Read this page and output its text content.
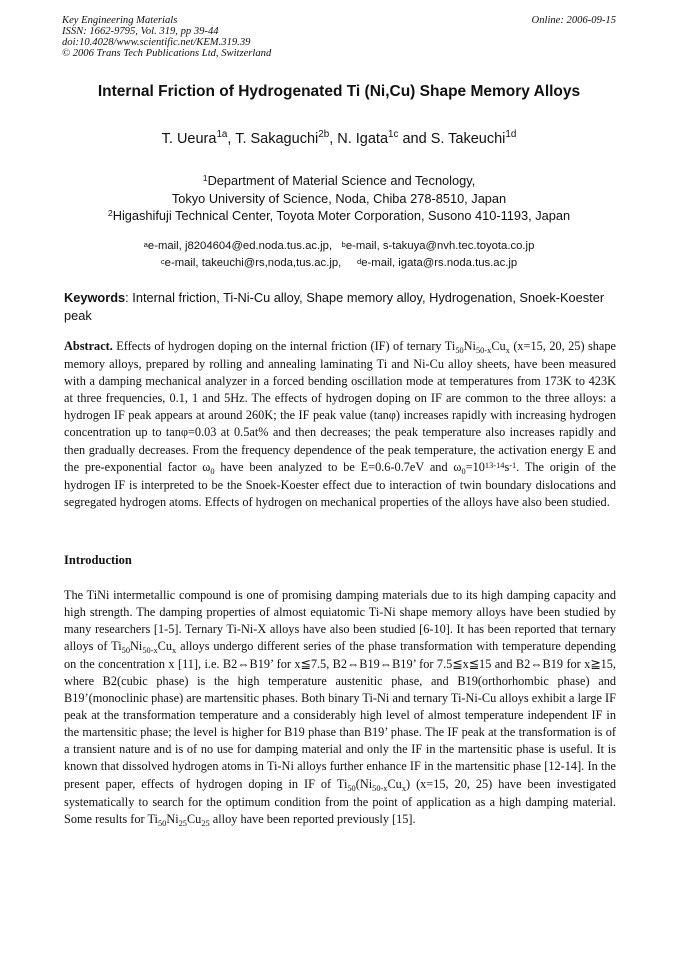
Key Engineering Materials
ISSN: 1662-9795, Vol. 319, pp 39-44
doi:10.4028/www.scientific.net/KEM.319.39
© 2006 Trans Tech Publications Ltd, Switzerland
Online: 2006-09-15
Internal Friction of Hydrogenated Ti (Ni,Cu) Shape Memory Alloys
T. Ueura$^{1a}$, T. Sakaguchi$^{2b}$, N. Igata$^{1c}$ and S. Takeuchi$^{1d}$
$^1$Department of Material Science and Tecnology,
Tokyo University of Science, Noda, Chiba 278-8510, Japan
$^2$Higashifuji Technical Center, Toyota Moter Corporation, Susono 410-1193, Japan
$^a$e-mail, j8204604@ed.noda.tus.ac.jp, $^b$e-mail, s-takuya@nvh.tec.toyota.co.jp
$^c$e-mail, takeuchi@rs,noda,tus.ac.jp, $^d$e-mail, igata@rs.noda.tus.ac.jp
Keywords: Internal friction, Ti-Ni-Cu alloy, Shape memory alloy, Hydrogenation, Snoek-Koester peak
Abstract. Effects of hydrogen doping on the internal friction (IF) of ternary $Ti_{50}Ni_{50-x}Cu_x$ (x=15, 20, 25) shape memory alloys, prepared by rolling and annealing laminating Ti and Ni-Cu alloy sheets, have been measured with a damping mechanical analyzer in a forced bending oscillation mode at temperatures from 173K to 423K at three frequencies, 0.1, 1 and 5Hz. The effects of hydrogen doping on IF are common to the three alloys: a hydrogen IF peak appears at around 260K; the IF peak value (tanφ) increases rapidly with increasing hydrogen concentration up to tanφ=0.03 at 0.5at% and then decreases; the peak temperature also increases rapidly and then gradually decreases. From the frequency dependence of the peak temperature, the activation energy E and the pre-exponential factor $\omega_0$ have been analyzed to be E=0.6-0.7eV and $\omega_0=10^{13-14}s^{-1}$. The origin of the hydrogen IF is interpreted to be the Snoek-Koester effect due to interaction of twin boundary dislocations and segregated hydrogen atoms. Effects of hydrogen on mechanical properties of the alloys have also been studied.
Introduction
The TiNi intermetallic compound is one of promising damping materials due to its high damping capacity and high strength. The damping properties of almost equiatomic Ti-Ni shape memory alloys have been studied by many researchers [1-5]. Ternary Ti-Ni-X alloys have also been studied [6-10]. It has been reported that ternary alloys of $Ti_{50}Ni_{50-x}Cu_x$ alloys undergo different series of the phase transformation with temperature depending on the concentration x [11], i.e. B2⇔B19’ for x≦7.5, B2⇔B19⇔B19’ for 7.5≦x≦15 and B2⇔B19 for x≧15, where B2(cubic phase) is the high temperature austenitic phase, and B19(orthorhombic phase) and B19’(monoclinic phase) are martensitic phases. Both binary Ti-Ni and ternary Ti-Ni-Cu alloys exhibit a large IF peak at the transformation temperature and a considerably high level of almost temperature independent IF in the martensitic phase; the level is higher for B19 phase than B19’ phase. The IF peak at the transformation is of a transient nature and is of no use for damping material and only the IF in the martensitic phase is useful. It is known that dissolved hydrogen atoms in Ti-Ni alloys further enhance IF in the martensitic phase [12-14]. In the present paper, effects of hydrogen doping in IF of $Ti_{50}(Ni_{50-x}Cu_x)$ (x=15, 20, 25) have been investigated systematically to search for the optimum condition from the point of application as a high damping material. Some results for $Ti_{50}Ni_{25}Cu_{25}$ alloy have been reported previously [15].
